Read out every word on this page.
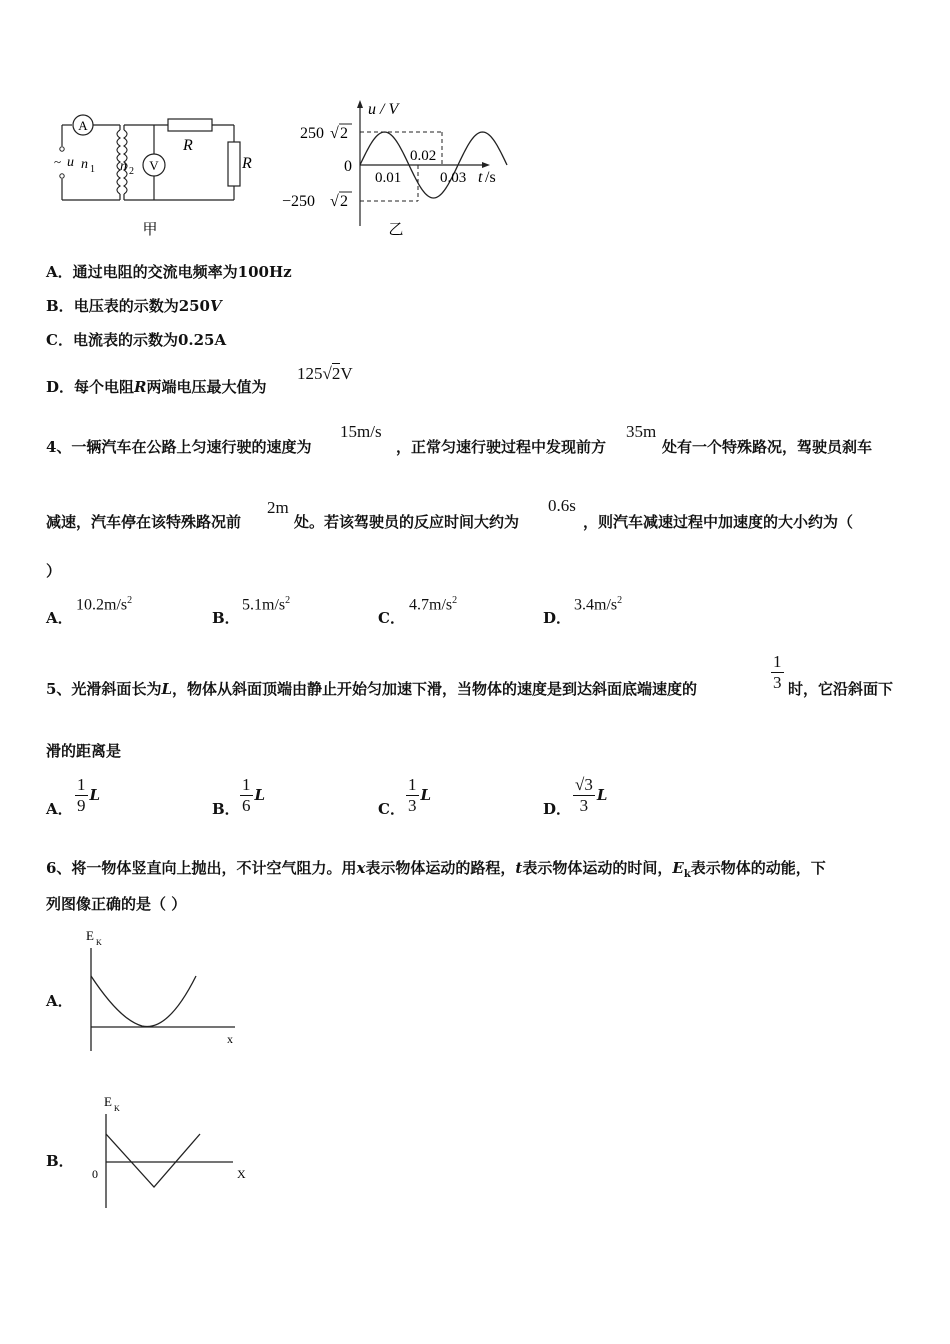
A
~ u n 1 n 2
R
V	R
甲
u / V
250 √ 2
0
−250 √ 2
0.01
0.02
0.03 t /s
乙
A．通过电阻的交流电频率为100Hz
B．电压表的示数为250V
C．电流表的示数为0.25A
D．每个电阻R两端电压最大值为
125√2V
4、一辆汽车在公路上匀速行驶的速度为
15m/s
，正常匀速行驶过程中发现前方
35m
处有一个特殊路况，驾驶员刹车
减速，汽车停在该特殊路况前
2m
处。若该驾驶员的反应时间大约为
0.6s
，则汽车减速过程中加速度的大小约为（
）
A．
$10.2m/s^2$
B．
$5.1m/s^2$
C．
$4.7m/s^2$
D．
$3.4m/s^2$
5、光滑斜面长为L，物体从斜面顶端由静止开始匀加速下滑，当物体的速度是到达斜面底端速度的	$\frac{1}{3}$ 时，它沿斜面下
滑的距离是
A． $\frac{1}{9}$ L
B． $\frac{1}{6}$ L
C． $\frac{1}{3}$ L
D． $\frac{√3}{3}$ L
6、将一物体竖直向上抛出，不计空气阻力。用x表示物体运动的路程，t表示物体运动的时间，$E_k$表示物体的动能，下
列图像正确的是（ ）
A．
E K
x
B．
E K
0	X
